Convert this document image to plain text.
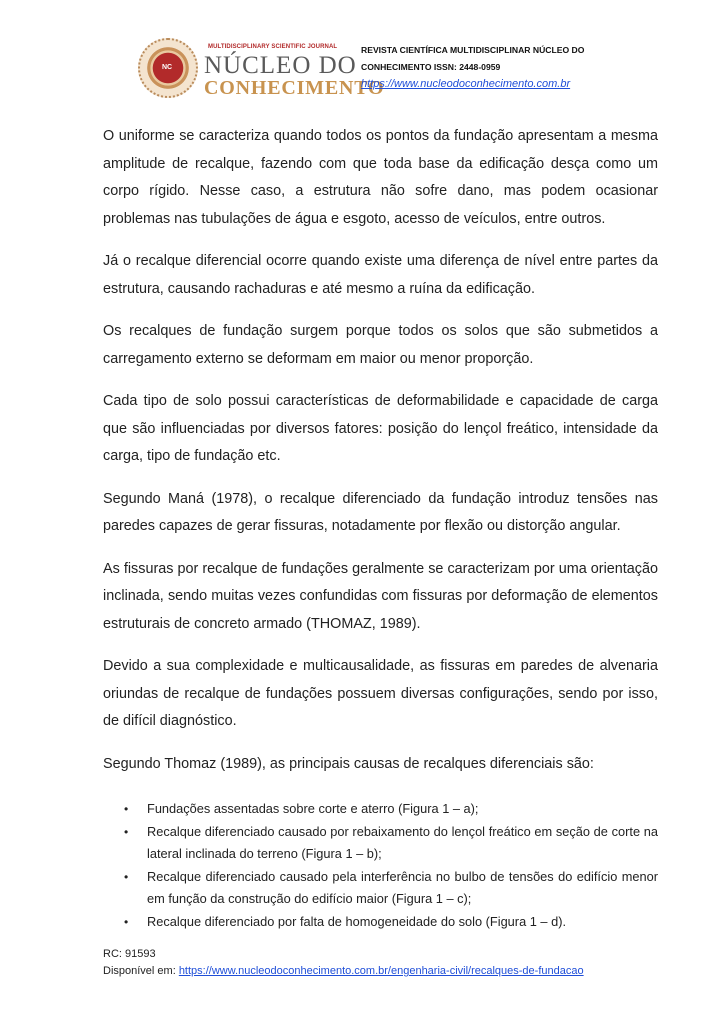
NC
MULTIDISCIPLINARY SCIENTIFIC JOURNAL
NÚCLEO DO
CONHECIMENTO
REVISTA CIENTÍFICA MULTIDISCIPLINAR NÚCLEO DO
CONHECIMENTO ISSN: 2448-0959
https://www.nucleodoconhecimento.com.br

O uniforme se caracteriza quando todos os pontos da fundação apresentam a mesma amplitude de recalque, fazendo com que toda base da edificação desça como um corpo rígido. Nesse caso, a estrutura não sofre dano, mas podem ocasionar problemas nas tubulações de água e esgoto, acesso de veículos, entre outros.

Já o recalque diferencial ocorre quando existe uma diferença de nível entre partes da estrutura, causando rachaduras e até mesmo a ruína da edificação.

Os recalques de fundação surgem porque todos os solos que são submetidos a carregamento externo se deformam em maior ou menor proporção.

Cada tipo de solo possui características de deformabilidade e capacidade de carga que são influenciadas por diversos fatores: posição do lençol freático, intensidade da carga, tipo de fundação etc.

Segundo Maná (1978), o recalque diferenciado da fundação introduz tensões nas paredes capazes de gerar fissuras, notadamente por flexão ou distorção angular.

As fissuras por recalque de fundações geralmente se caracterizam por uma orientação inclinada, sendo muitas vezes confundidas com fissuras por deformação de elementos estruturais de concreto armado (THOMAZ, 1989).

Devido a sua complexidade e multicausalidade, as fissuras em paredes de alvenaria oriundas de recalque de fundações possuem diversas configurações, sendo por isso, de difícil diagnóstico.

Segundo Thomaz (1989), as principais causas de recalques diferenciais são:

• Fundações assentadas sobre corte e aterro (Figura 1 – a);
• Recalque diferenciado causado por rebaixamento do lençol freático em seção de corte na lateral inclinada do terreno (Figura 1 – b);
• Recalque diferenciado causado pela interferência no bulbo de tensões do edifício menor em função da construção do edifício maior (Figura 1 – c);
• Recalque diferenciado por falta de homogeneidade do solo (Figura 1 – d).
RC: 91593
Disponível em: https://www.nucleodoconhecimento.com.br/engenharia-civil/recalques-de-fundacao
